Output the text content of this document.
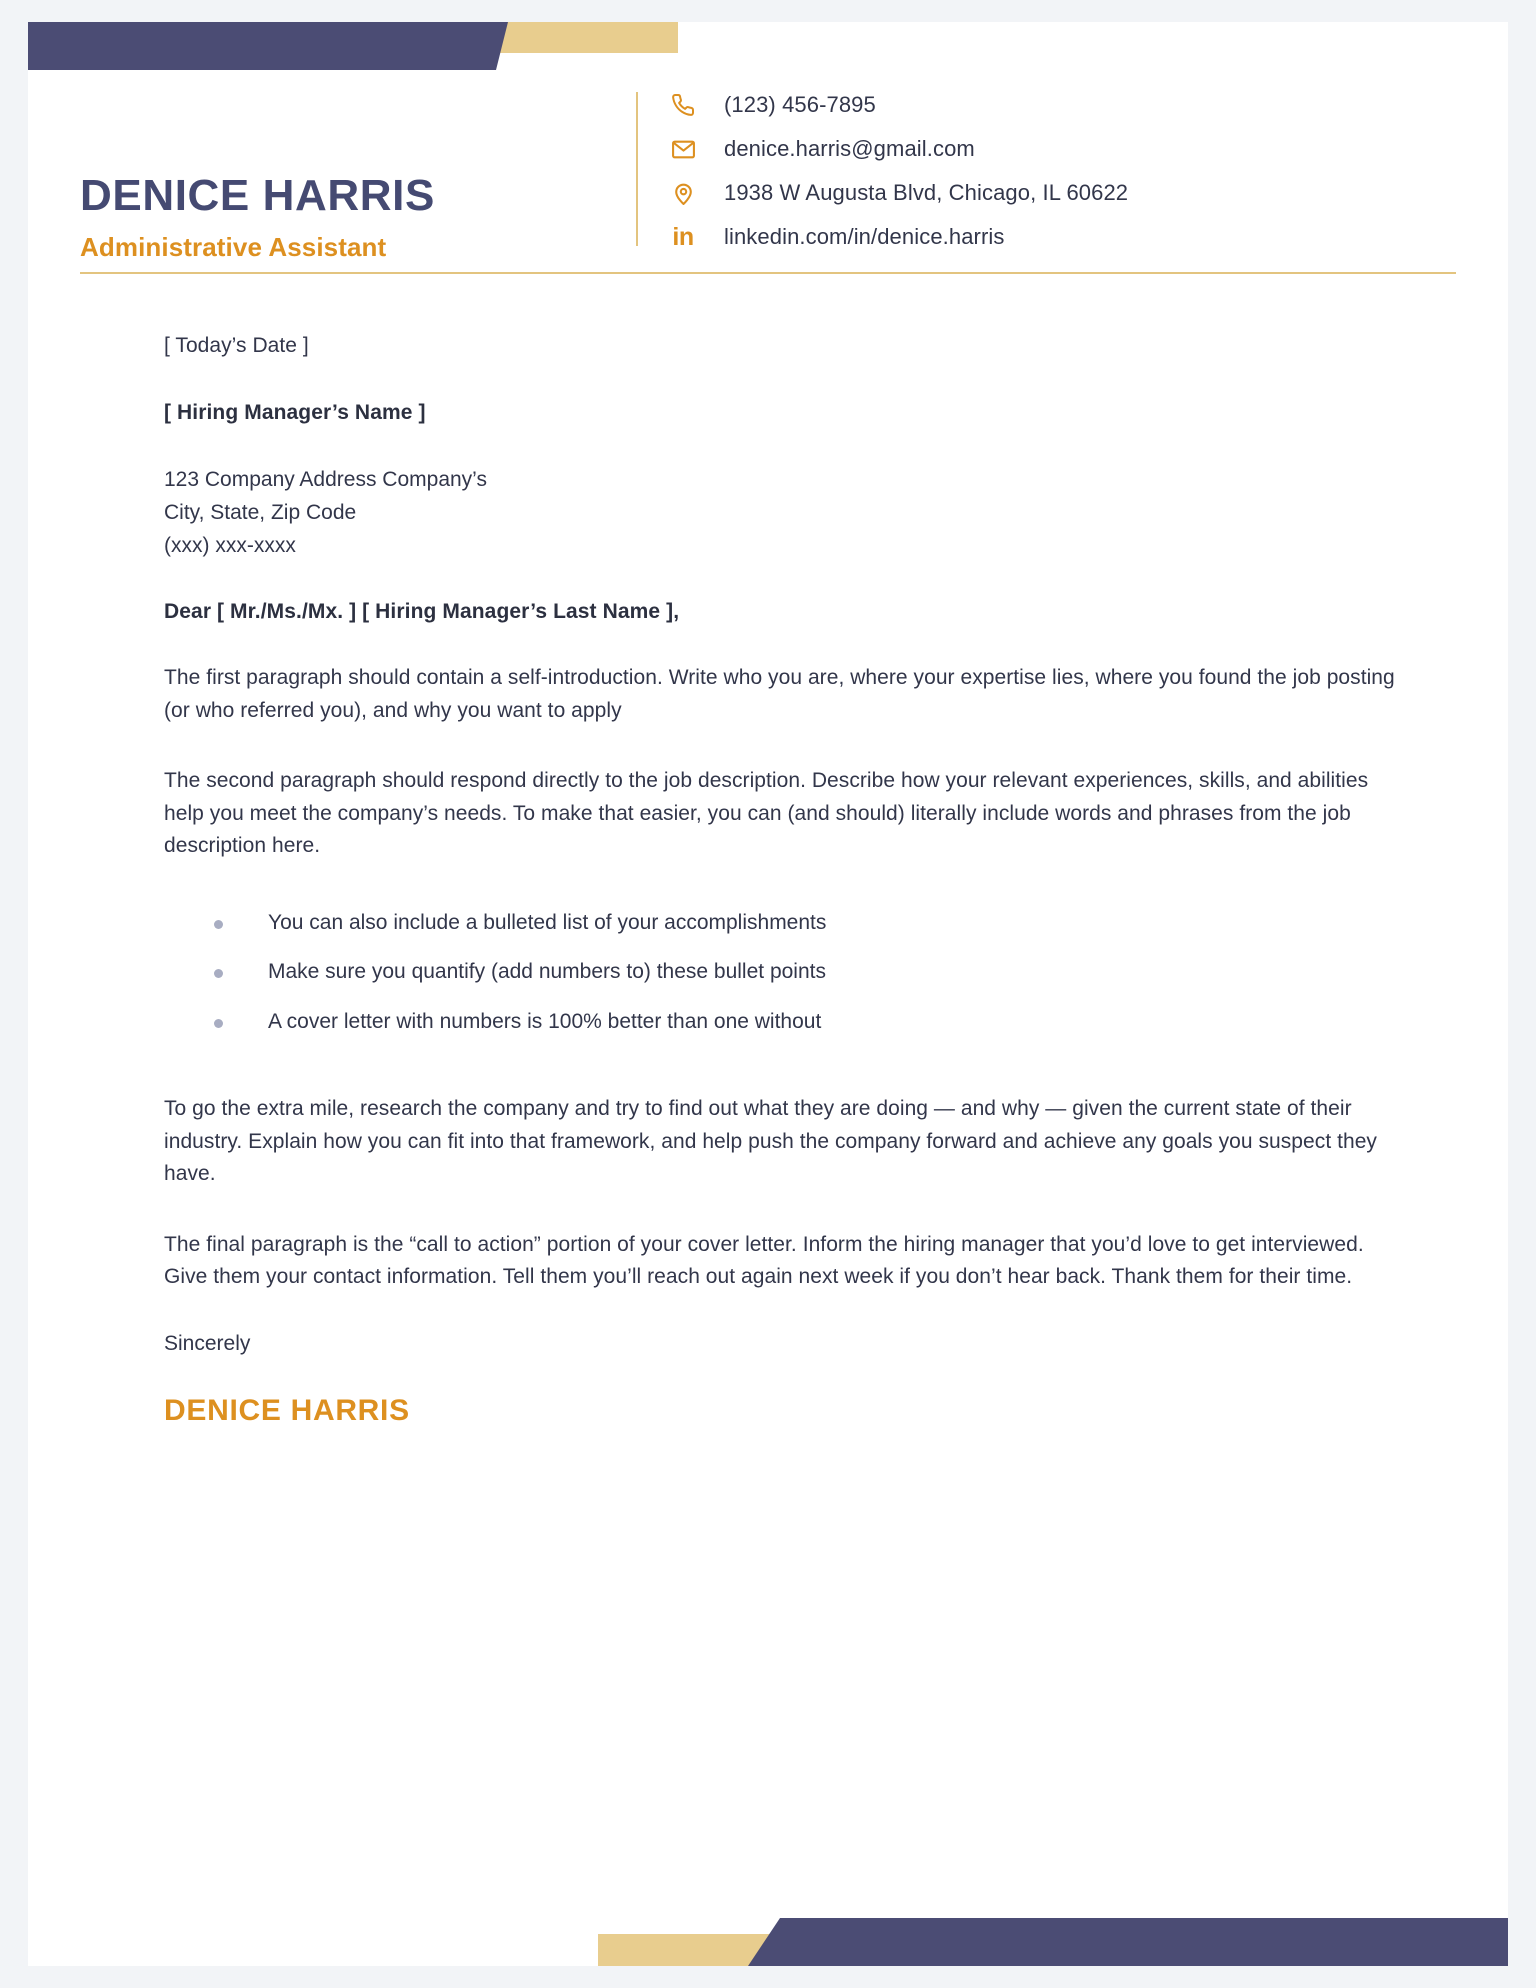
DENICE HARRIS
Administrative Assistant
(123) 456-7895
denice.harris@gmail.com
1938 W Augusta Blvd, Chicago, IL 60622
in linkedin.com/in/denice.harris

[ Today’s Date ]

[ Hiring Manager’s Name ]
123 Company Address Company’s
City, State, Zip Code
(xxx) xxx-xxxx
Dear [ Mr./Ms./Mx. ] [ Hiring Manager’s Last Name ],

The first paragraph should contain a self-introduction. Write who you are, where your expertise lies, where you found the job posting (or who referred you), and why you want to apply

The second paragraph should respond directly to the job description. Describe how your relevant experiences, skills, and abilities help you meet the company’s needs. To make that easier, you can (and should) literally include words and phrases from the job description here.

You can also include a bulleted list of your accomplishments
Make sure you quantify (add numbers to) these bullet points
A cover letter with numbers is 100% better than one without

To go the extra mile, research the company and try to find out what they are doing — and why — given the current state of their industry. Explain how you can fit into that framework, and help push the company forward and achieve any goals you suspect they have.

The final paragraph is the “call to action” portion of your cover letter. Inform the hiring manager that you’d love to get interviewed. Give them your contact information. Tell them you’ll reach out again next week if you don’t hear back. Thank them for their time.

Sincerely
DENICE HARRIS
